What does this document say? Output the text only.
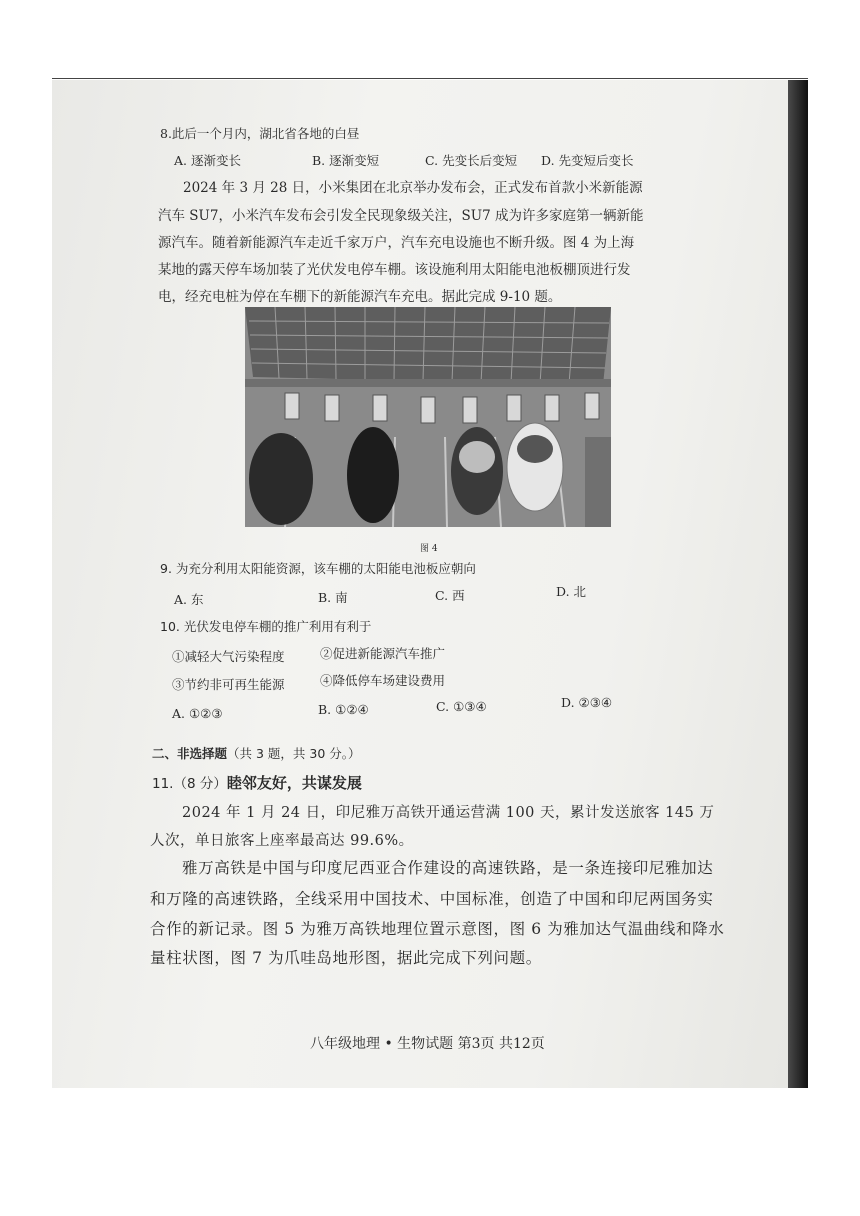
8.此后一个月内，湖北省各地的白昼
A. 逐渐变长	B. 逐渐变短	C. 先变长后变短 D. 先变短后变长
2024 年 3 月 28 日，小米集团在北京举办发布会，正式发布首款小米新能源
汽车 SU7，小米汽车发布会引发全民现象级关注，SU7 成为许多家庭第一辆新能
源汽车。随着新能源汽车走近千家万户，汽车充电设施也不断升级。图 4 为上海
某地的露天停车场加装了光伏发电停车棚。该设施利用太阳能电池板棚顶进行发
电，经充电桩为停在车棚下的新能源汽车充电。据此完成 9-10 题。
图 4
9. 为充分利用太阳能资源，该车棚的太阳能电池板应朝向
A. 东	B. 南	C. 西	D. 北
10. 光伏发电停车棚的推广利用有利于
①减轻大气污染程度	②促进新能源汽车推广
③节约非可再生能源	④降低停车场建设费用
A. ①②③	B. ①②④	C. ①③④	D. ②③④
二、非选择题（共 3 题，共 30 分。）
11.（8 分）睦邻友好，共谋发展
2024 年 1 月 24 日，印尼雅万高铁开通运营满 100 天，累计发送旅客 145 万
人次，单日旅客上座率最高达 99.6%。
雅万高铁是中国与印度尼西亚合作建设的高速铁路，是一条连接印尼雅加达
和万隆的高速铁路，全线采用中国技术、中国标准，创造了中国和印尼两国务实
合作的新记录。图 5 为雅万高铁地理位置示意图，图 6 为雅加达气温曲线和降水
量柱状图，图 7 为爪哇岛地形图，据此完成下列问题。
八年级地理 • 生物试题 第3页 共12页
